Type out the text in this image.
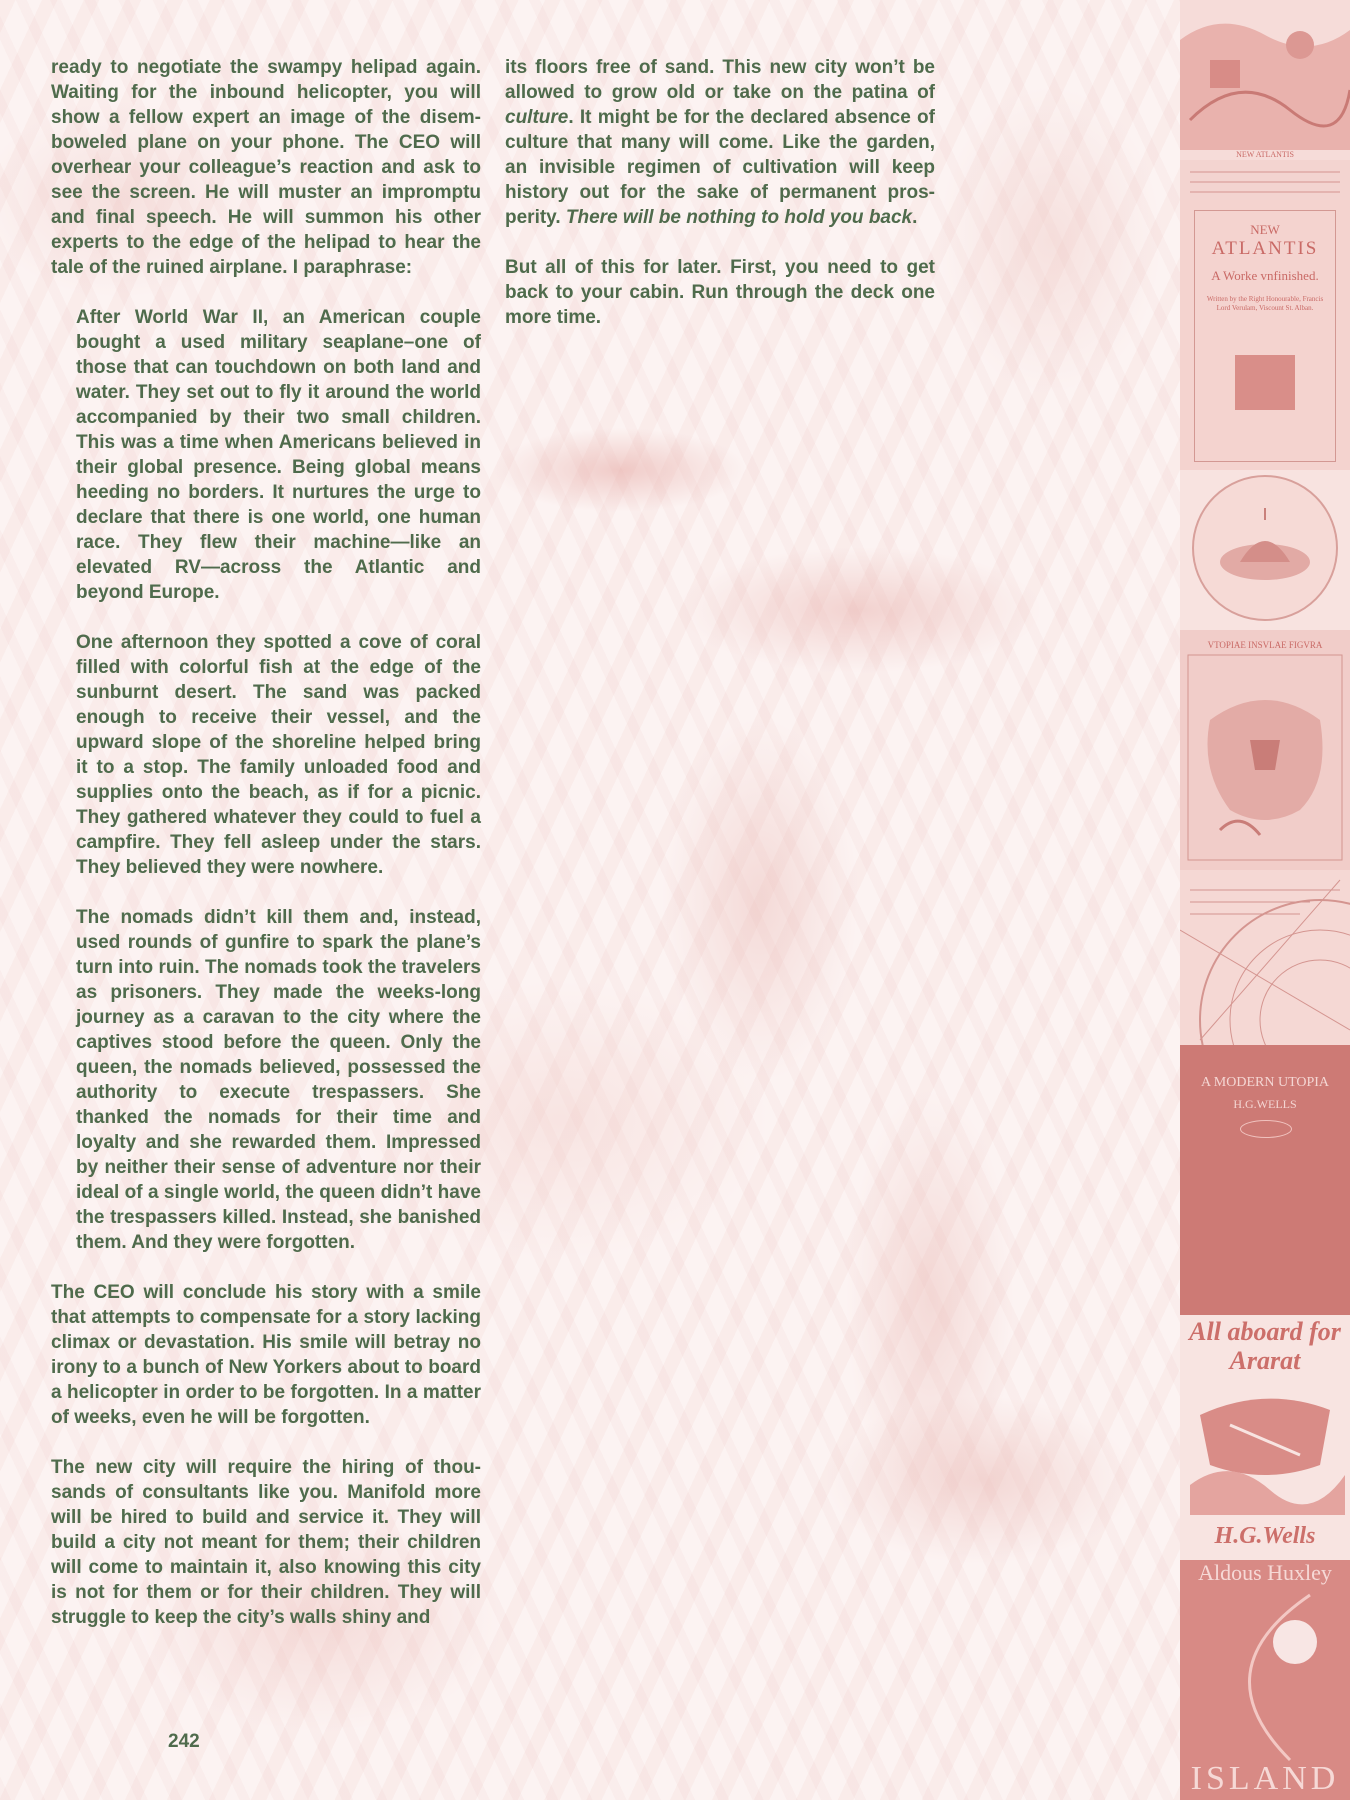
ready to negotiate the swampy helipad again. Waiting for the inbound helicopter, you will show a fellow expert an image of the disem-boweled plane on your phone. The CEO will overhear your colleague’s reaction and ask to see the screen. He will muster an impromptu and final speech. He will summon his other experts to the edge of the helipad to hear the tale of the ruined airplane. I paraphrase:

After World War II, an American couple bought a used military seaplane–one of those that can touchdown on both land and water. They set out to fly it around the world accompanied by their two small children. This was a time when Americans believed in their global presence. Being global means heeding no borders. It nurtures the urge to declare that there is one world, one human race. They flew their machine—like an elevated RV—across the Atlantic and beyond Europe.

One afternoon they spotted a cove of coral filled with colorful fish at the edge of the sunburnt desert. The sand was packed enough to receive their vessel, and the upward slope of the shoreline helped bring it to a stop. The family unloaded food and supplies onto the beach, as if for a picnic. They gathered whatever they could to fuel a campfire. They fell asleep under the stars. They believed they were nowhere.

The nomads didn’t kill them and, instead, used rounds of gunfire to spark the plane’s turn into ruin. The nomads took the travelers as prisoners. They made the weeks-long journey as a caravan to the city where the captives stood before the queen. Only the queen, the nomads believed, possessed the authority to execute trespassers. She thanked the nomads for their time and loyalty and she rewarded them. Impressed by neither their sense of adventure nor their ideal of a single world, the queen didn’t have the trespassers killed. Instead, she banished them. And they were forgotten.

The CEO will conclude his story with a smile that attempts to compensate for a story lacking climax or devastation. His smile will betray no irony to a bunch of New Yorkers about to board a helicopter in order to be forgotten. In a matter of weeks, even he will be forgotten.

The new city will require the hiring of thou-sands of consultants like you. Manifold more will be hired to build and service it. They will build a city not meant for them; their children will come to maintain it, also knowing this city is not for them or for their children. They will struggle to keep the city’s walls shiny and

its floors free of sand. This new city won’t be allowed to grow old or take on the patina of culture. It might be for the declared absence of culture that many will come. Like the garden, an invisible regimen of cultivation will keep history out for the sake of permanent pros-perity. There will be nothing to hold you back.

But all of this for later. First, you need to get back to your cabin. Run through the deck one more time.

242
NEW ATLANTIS
NEW
ATLANTIS
A Worke vnfinished.
Written by the Right Honourable, Francis Lord Verulam, Viscount St. Alban.
VTOPIAE INSVLAE FIGVRA
A MODERN UTOPIA
H.G.WELLS
All aboard for Ararat
H.G.Wells
Aldous Huxley
ISLAND
